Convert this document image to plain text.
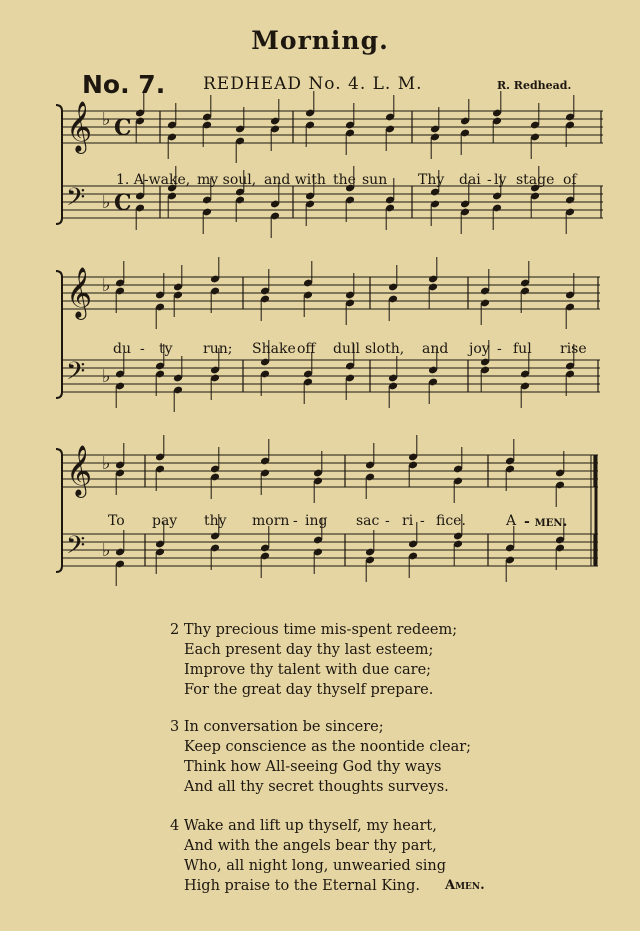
Morning.
No. 7. REDHEAD No. 4. L. M.	R. Redhead.
𝄞 ♭ C
𝄢 ♭ C
𝄞 ♭
𝄢 ♭
𝄞 ♭
𝄢 ♭
1. A-wake, my soul, and with the sun Thy dai - ly stage of
du - ty run; Shake off dull sloth, and joy - ful rise
To pay thy morn - ing sac - ri - fice.	A - men.
2 Thy precious time mis-spent redeem;
Each present day thy last esteem;
Improve thy talent with due care;
For the great day thyself prepare.
3 In conversation be sincere;
Keep conscience as the noontide clear;
Think how All-seeing God thy ways
And all thy secret thoughts surveys.
4 Wake and lift up thyself, my heart,
And with the angels bear thy part,
Who, all night long, unwearied sing
High praise to the Eternal King.	Amen.
